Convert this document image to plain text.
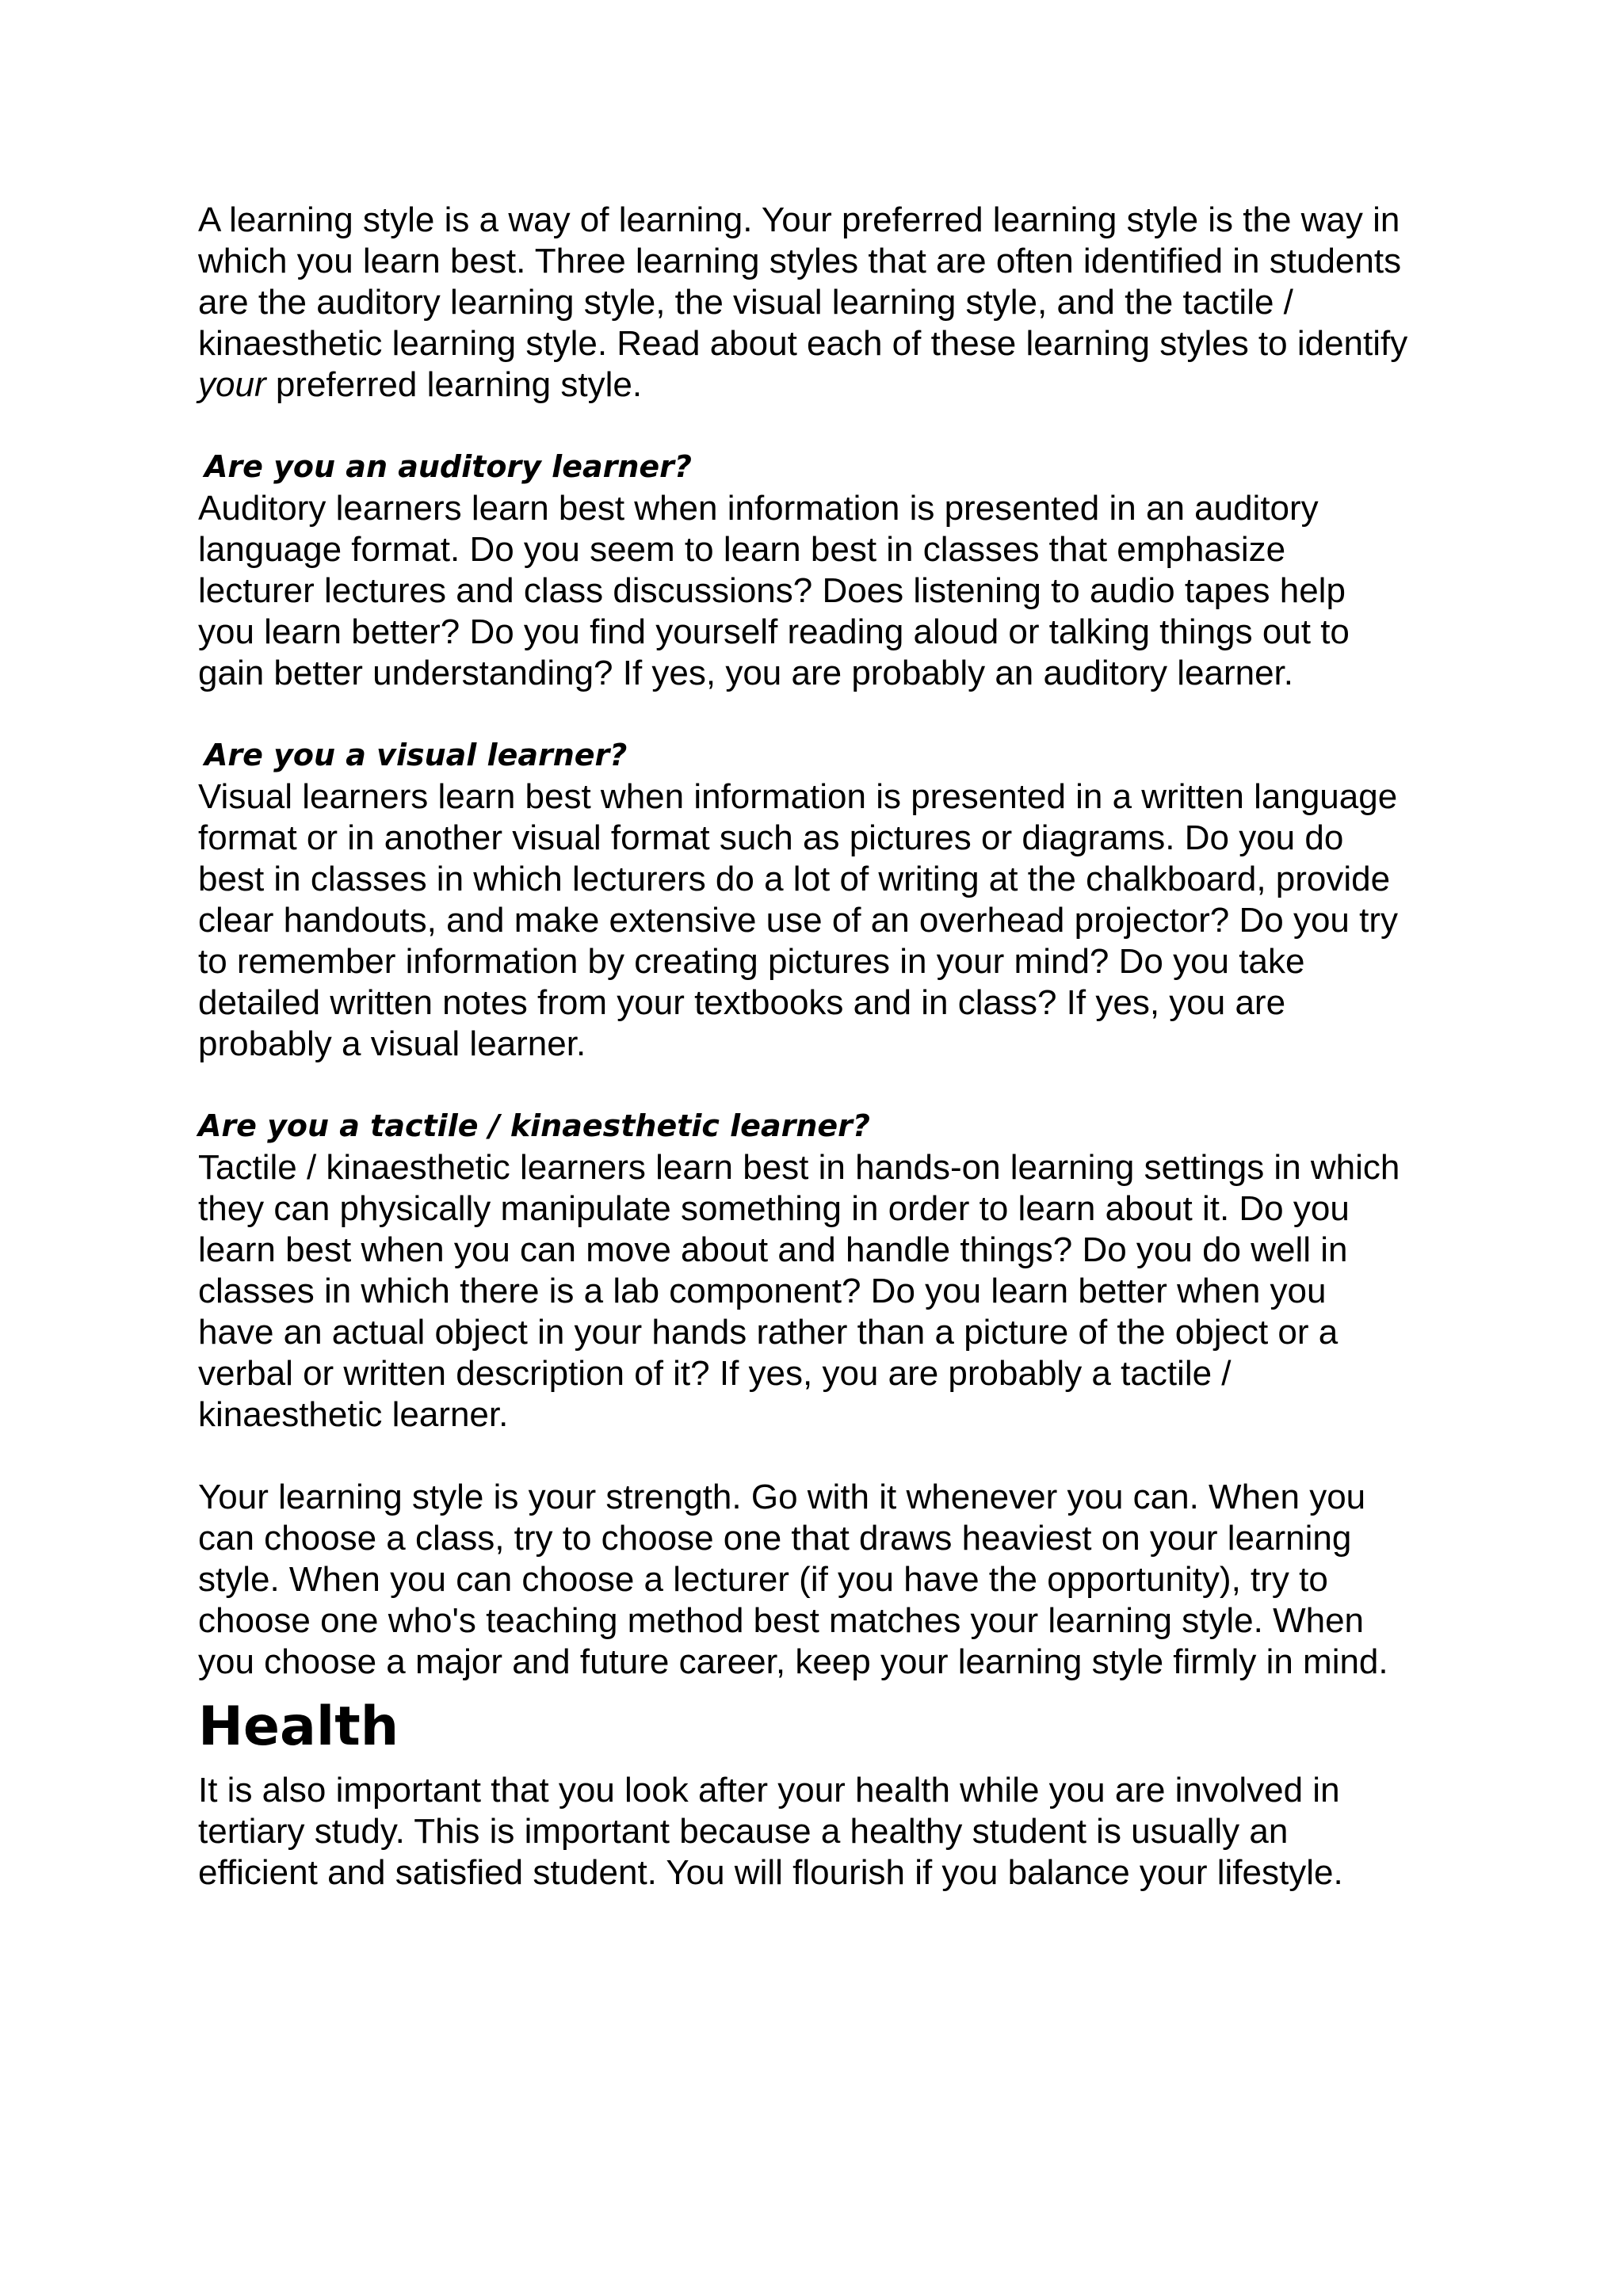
A learning style is a way of learning. Your preferred learning style is the way in
which you learn best. Three learning styles that are often identified in students
are the auditory learning style, the visual learning style, and the tactile /
kinaesthetic learning style. Read about each of these learning styles to identify
your preferred learning style.
Are you an auditory learner?
Auditory learners learn best when information is presented in an auditory
language format. Do you seem to learn best in classes that emphasize
lecturer lectures and class discussions? Does listening to audio tapes help
you learn better? Do you find yourself reading aloud or talking things out to
gain better understanding? If yes, you are probably an auditory learner.
Are you a visual learner?
Visual learners learn best when information is presented in a written language
format or in another visual format such as pictures or diagrams. Do you do
best in classes in which lecturers do a lot of writing at the chalkboard, provide
clear handouts, and make extensive use of an overhead projector? Do you try
to remember information by creating pictures in your mind? Do you take
detailed written notes from your textbooks and in class? If yes, you are
probably a visual learner.
Are you a tactile / kinaesthetic learner?
Tactile / kinaesthetic learners learn best in hands-on learning settings in which
they can physically manipulate something in order to learn about it. Do you
learn best when you can move about and handle things? Do you do well in
classes in which there is a lab component? Do you learn better when you
have an actual object in your hands rather than a picture of the object or a
verbal or written description of it? If yes, you are probably a tactile /
kinaesthetic learner.
Your learning style is your strength. Go with it whenever you can. When you
can choose a class, try to choose one that draws heaviest on your learning
style. When you can choose a lecturer (if you have the opportunity), try to
choose one who's teaching method best matches your learning style. When
you choose a major and future career, keep your learning style firmly in mind.
Health
It is also important that you look after your health while you are involved in
tertiary study. This is important because a healthy student is usually an
efficient and satisfied student. You will flourish if you balance your lifestyle.
